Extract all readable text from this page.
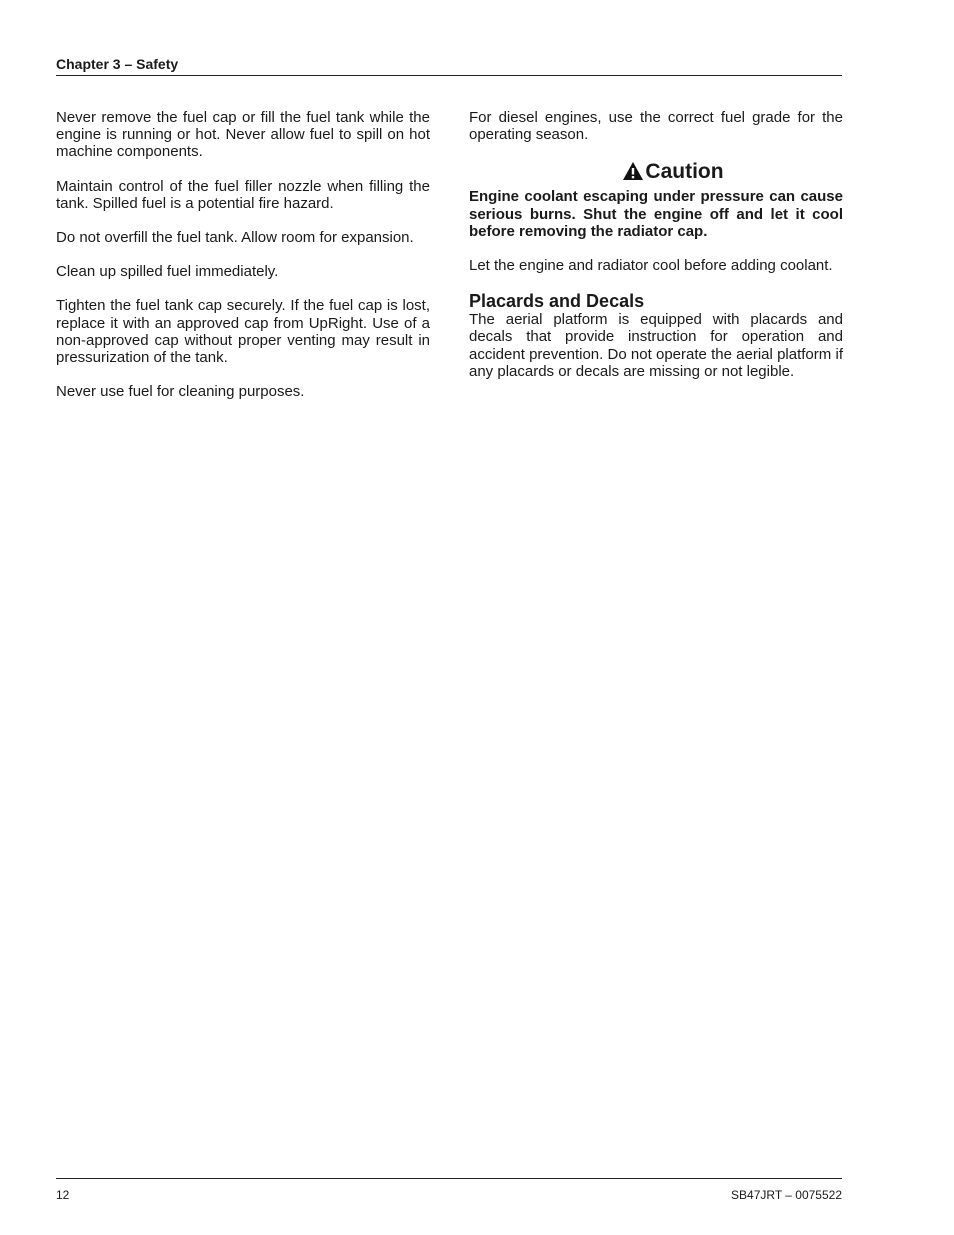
Chapter 3 – Safety

Never remove the fuel cap or fill the fuel tank while the engine is running or hot. Never allow fuel to spill on hot machine components.

Maintain control of the fuel filler nozzle when filling the tank. Spilled fuel is a potential fire hazard.

Do not overfill the fuel tank. Allow room for expansion.

Clean up spilled fuel immediately.

Tighten the fuel tank cap securely. If the fuel cap is lost, replace it with an approved cap from UpRight. Use of a non-approved cap without proper venting may result in pressurization of the tank.

Never use fuel for cleaning purposes.

For diesel engines, use the correct fuel grade for the operating season.

Caution

Engine coolant escaping under pressure can cause serious burns. Shut the engine off and let it cool before removing the radiator cap.

Let the engine and radiator cool before adding coolant.

Placards and Decals

The aerial platform is equipped with placards and decals that provide instruction for operation and accident prevention. Do not operate the aerial platform if any placards or decals are missing or not legible.

12	SB47JRT – 0075522
